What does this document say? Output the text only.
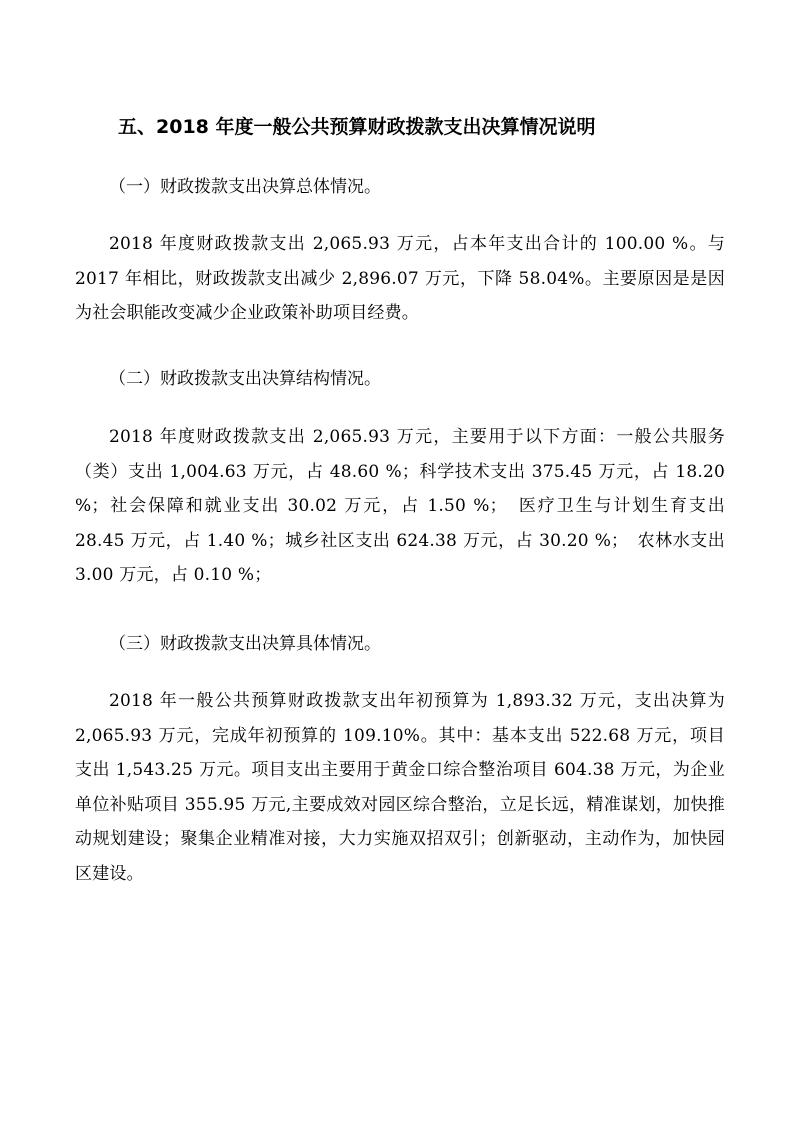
五、2018 年度一般公共预算财政拨款支出决算情况说明

（一）财政拨款支出决算总体情况。

2018 年度财政拨款支出 2,065.93 万元，占本年支出合计的 100.00 %。与 2017 年相比，财政拨款支出减少 2,896.07 万元，下降 58.04%。主要原因是是因为社会职能改变减少企业政策补助项目经费。

（二）财政拨款支出决算结构情况。

2018 年度财政拨款支出 2,065.93 万元，主要用于以下方面：一般公共服务（类）支出 1,004.63 万元，占 48.60 %；科学技术支出 375.45 万元，占 18.20 %；社会保障和就业支出 30.02 万元，占 1.50 %；　医疗卫生与计划生育支出 28.45 万元，占 1.40 %；城乡社区支出 624.38 万元，占 30.20 %；　农林水支出 3.00 万元，占 0.10 %；

（三）财政拨款支出决算具体情况。

2018 年一般公共预算财政拨款支出年初预算为 1,893.32 万元，支出决算为 2,065.93 万元，完成年初预算的 109.10%。其中：基本支出 522.68 万元，项目支出 1,543.25 万元。项目支出主要用于黄金口综合整治项目 604.38 万元，为企业单位补贴项目 355.95 万元,主要成效对园区综合整治，立足长远，精准谋划，加快推动规划建设；聚集企业精准对接，大力实施双招双引；创新驱动，主动作为，加快园区建设。
